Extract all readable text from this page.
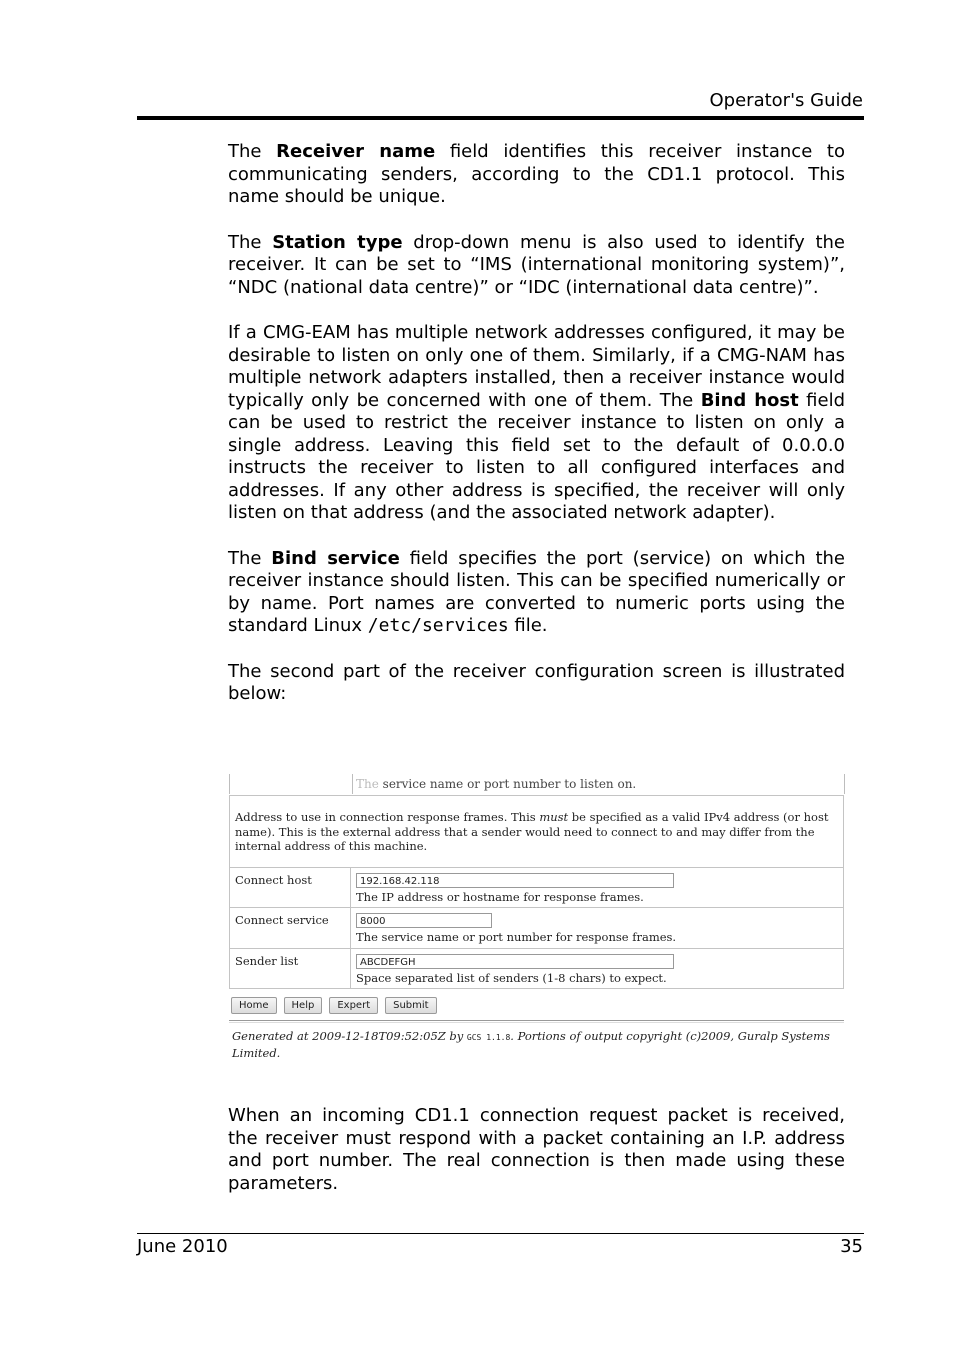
Operator's Guide

The Receiver name field identifies this receiver instance to communicating senders, according to the CD1.1 protocol. This name should be unique.

The Station type drop-down menu is also used to identify the receiver. It can be set to “IMS (international monitoring system)”, “NDC (national data centre)” or “IDC (international data centre)”.

If a CMG-EAM has multiple network addresses configured, it may be desirable to listen on only one of them. Similarly, if a CMG-NAM has multiple network adapters installed, then a receiver instance would typically only be concerned with one of them. The Bind host field can be used to restrict the receiver instance to listen on only a single address. Leaving this field set to the default of 0.0.0.0 instructs the receiver to listen to all configured interfaces and addresses. If any other address is specified, the receiver will only listen on that address (and the associated network adapter).

The Bind service field specifies the port (service) on which the receiver instance should listen. This can be specified numerically or by name. Port names are converted to numeric ports using the standard Linux /etc/services file.

The second part of the receiver configuration screen is illustrated below:

The service name or port number to listen on.
Address to use in connection response frames. This must be specified as a valid IPv4 address (or host name). This is the external address that a sender would need to connect to and may differ from the internal address of this machine.	
Connect host	192.168.42.118
The IP address or hostname for response frames.
Connect service	8000
The service name or port number for response frames.
Sender list	ABCDEFGH
Space separated list of senders (1-8 chars) to expect.
Home	Help	Expert	Submit
Generated at 2009-12-18T09:52:05Z by GCS 1.1.8. Portions of output copyright (c)2009, Guralp Systems Limited.

When an incoming CD1.1 connection request packet is received, the receiver must respond with a packet containing an I.P. address and port number. The real connection is then made using these parameters.

June 2010	35
